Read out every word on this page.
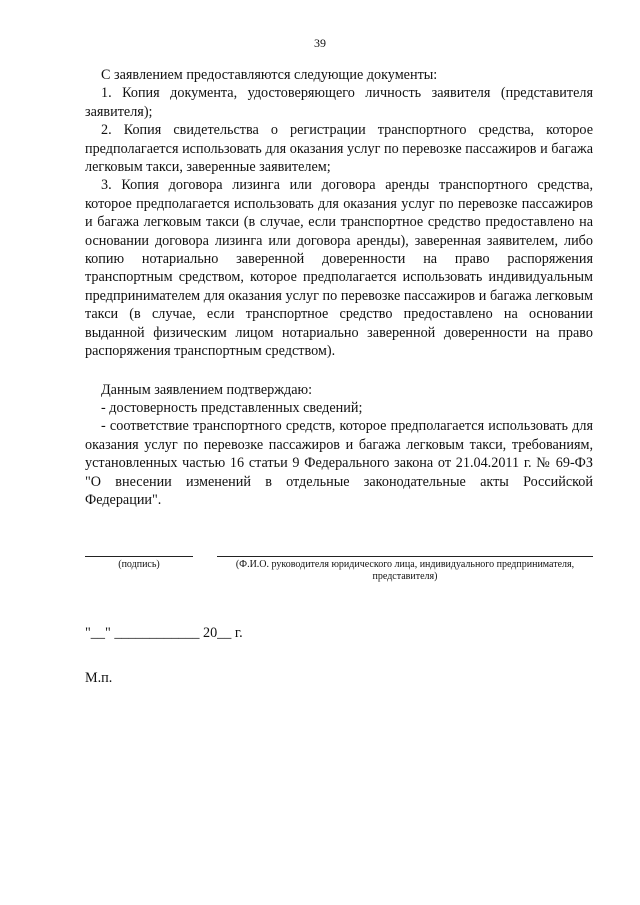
39

С заявлением предоставляются следующие документы:

1. Копия документа, удостоверяющего личность заявителя (представителя заявителя);

2. Копия свидетельства о регистрации транспортного средства, которое предполагается использовать для оказания услуг по перевозке пассажиров и багажа легковым такси, заверенные заявителем;

3. Копия договора лизинга или договора аренды транспортного средства, которое предполагается использовать для оказания услуг по перевозке пассажиров и багажа легковым такси (в случае, если транспортное средство предоставлено на основании договора лизинга или договора аренды), заверенная заявителем, либо копию нотариально заверенной доверенности на право распоряжения транспортным средством, которое предполагается использовать индивидуальным предпринимателем для оказания услуг по перевозке пассажиров и багажа легковым такси (в случае, если транспортное средство предоставлено на основании выданной физическим лицом нотариально заверенной доверенности на право распоряжения транспортным средством).

Данным заявлением подтверждаю:

- достоверность представленных сведений;

- соответствие транспортного средств, которое предполагается использовать для оказания услуг по перевозке пассажиров и багажа легковым такси, требованиям, установленных частью 16 статьи 9 Федерального закона от 21.04.2011 г. № 69-ФЗ "О внесении изменений в отдельные законодательные акты Российской Федерации".

(подпись)	(Ф.И.О. руководителя юридического лица, индивидуального предпринимателя, представителя)
"__" ____________ 20__ г.
М.п.
